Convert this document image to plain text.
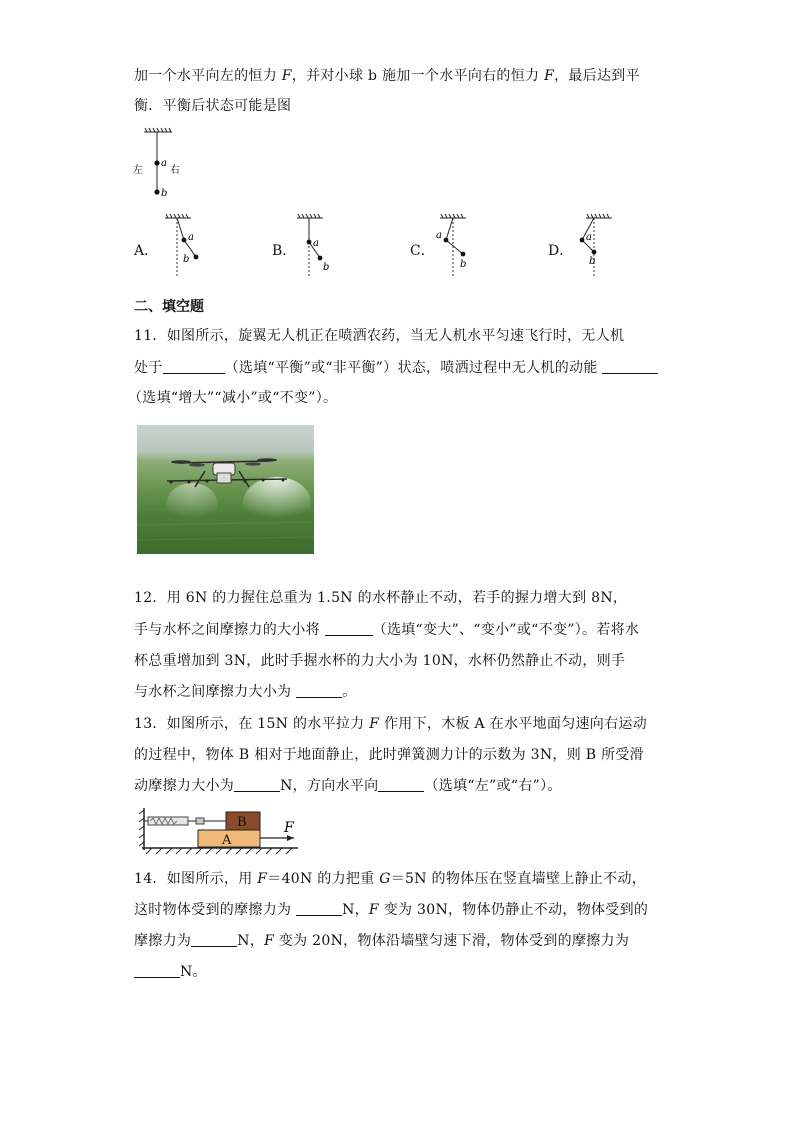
加一个水平向左的恒力 F，并对小球 b 施加一个水平向右的恒力 F，最后达到平
衡．平衡后状态可能是图
a
b
左	右
A．
a
b
B． a
b
C．
a
b
D．
a
b
二、填空题
11．如图所示，旋翼无人机正在喷洒农药，当无人机水平匀速飞行时，无人机
处于	（选填“平衡”或“非平衡”）状态，喷洒过程中无人机的动能
（选填“增大”“减小”或“不变”）。
12．用 6N 的力握住总重为 1.5N 的水杯静止不动，若手的握力增大到 8N，
手与水杯之间摩擦力的大小将	（选填“变大”、“变小”或“不变”）。若将水
杯总重增加到 3N，此时手握水杯的力大小为 10N，水杯仍然静止不动，则手
与水杯之间摩擦力大小为	。
13．如图所示，在 15N 的水平拉力 F 作用下，木板 A 在水平地面匀速向右运动
的过程中，物体 B 相对于地面静止，此时弹簧测力计的示数为 3N，则 B 所受滑
动摩擦力大小为	N，方向水平向	（选填“左”或“右”）。
B
A
F
14．如图所示，用 F＝40N 的力把重 G＝5N 的物体压在竖直墙壁上静止不动，
这时物体受到的摩擦力为	N，F 变为 30N，物体仍静止不动，物体受到的
摩擦力为	N，F 变为 20N，物体沿墙壁匀速下滑，物体受到的摩擦力为
N。
